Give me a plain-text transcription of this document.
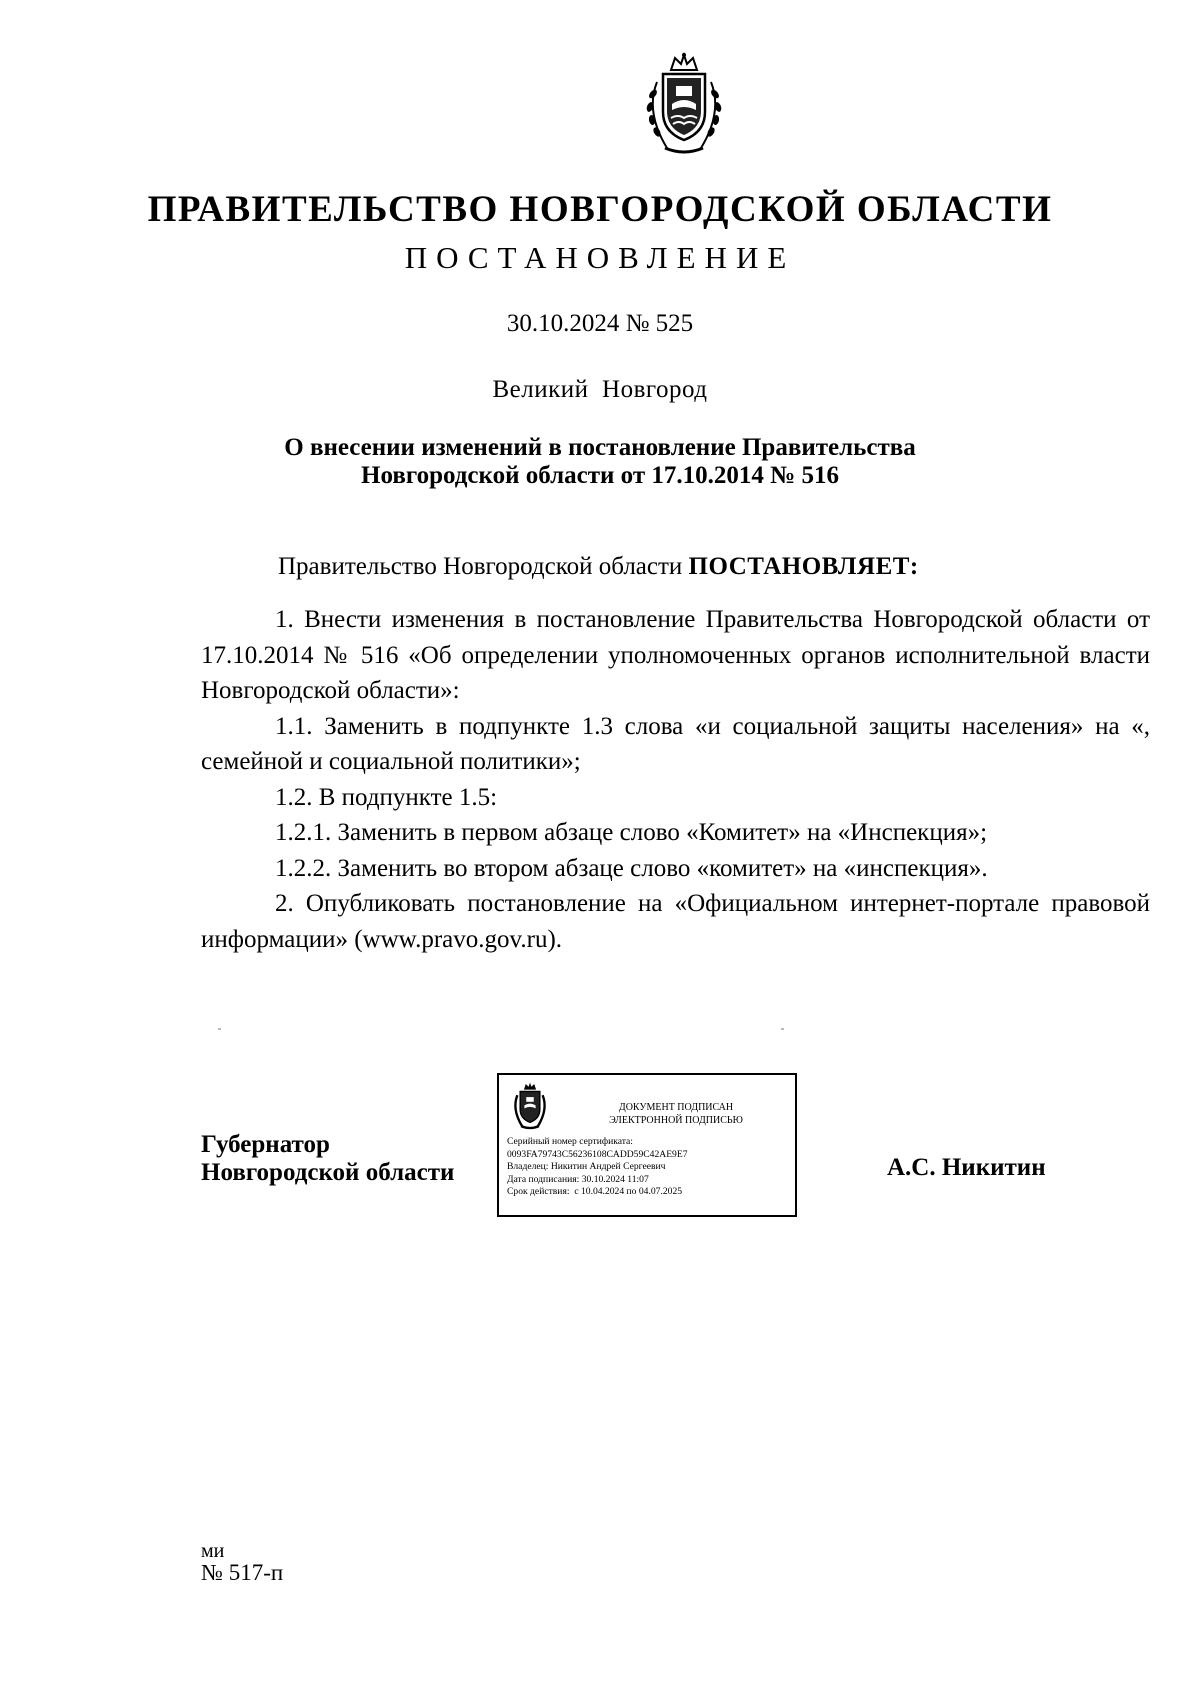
ПРАВИТЕЛЬСТВО НОВГОРОДСКОЙ ОБЛАСТИ
ПОСТАНОВЛЕНИЕ
30.10.2024 № 525
Великий  Новгород
О внесении изменений в постановление Правительства
Новгородской области от 17.10.2014 № 516
Правительство Новгородской области ПОСТАНОВЛЯЕТ:
1. Внести изменения в постановление Правительства Новгородской области от 17.10.2014 № 516 «Об определении уполномоченных органов исполнительной власти Новгородской области»:
1.1. Заменить в подпункте 1.3 слова «и социальной защиты населения» на «, семейной и социальной политики»;
1.2. В подпункте 1.5:
1.2.1. Заменить в первом абзаце слово «Комитет» на «Инспекция»;
1.2.2. Заменить во втором абзаце слово «комитет» на «инспекция».
2. Опубликовать постановление на «Официальном интернет-портале правовой информации» (www.pravo.gov.ru).
Губернатор
Новгородской области
ДОКУМЕНТ ПОДПИСАН
ЭЛЕКТРОННОЙ ПОДПИСЬЮ
Серийный номер сертификата:
0093FA79743C56236108CADD59C42AE9E7
Владелец: Никитин Андрей Сергеевич
Дата подписания: 30.10.2024 11:07
Срок действия:  с 10.04.2024 по 04.07.2025
А.С. Никитин
ми
№ 517-п
